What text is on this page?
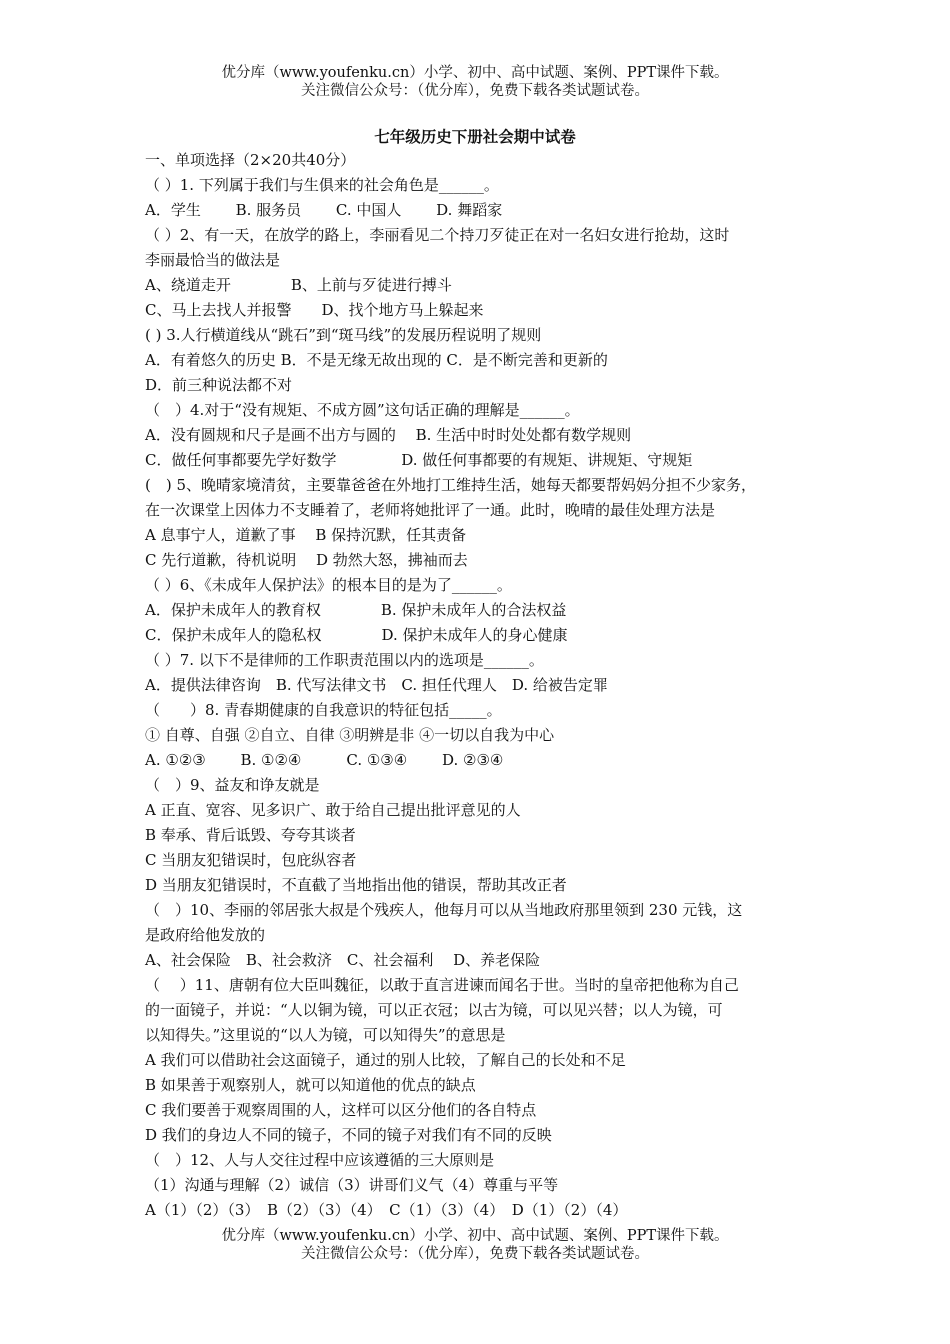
优分库（www.youfenku.cn）小学、初中、高中试题、案例、PPT课件下载。
关注微信公众号：（优分库），免费下载各类试题试卷。
七年级历史下册社会期中试卷
一、单项选择（2×20共40分）
（ ）1. 下列属于我们与生俱来的社会角色是______。
A．学生　　 B. 服务员　　 C. 中国人　　 D. 舞蹈家
（ ）2、有一天，在放学的路上，李丽看见二个持刀歹徒正在对一名妇女进行抢劫，这时
李丽最恰当的做法是
A、绕道走开　　　　B、上前与歹徒进行搏斗
C、马上去找人并报警　　D、找个地方马上躲起来
( ) 3.人行横道线从“跳石”到“斑马线”的发展历程说明了规则
A．有着悠久的历史 B．不是无缘无故出现的 C．是不断完善和更新的
D．前三种说法都不对
（　）4.对于“没有规矩、不成方圆”这句话正确的理解是______。
A．没有圆规和尺子是画不出方与圆的　 B. 生活中时时处处都有数学规则
C．做任何事都要先学好数学　　　　 D. 做任何事都要的有规矩、讲规矩、守规矩
(　) 5、晚晴家境清贫，主要靠爸爸在外地打工维持生活，她每天都要帮妈妈分担不少家务，
在一次课堂上因体力不支睡着了，老师将她批评了一通。此时，晚晴的最佳处理方法是
A 息事宁人，道歉了事　 B 保持沉默，任其责备
C 先行道歉，待机说明　 D 勃然大怒，拂袖而去
（ ）6、《未成年人保护法》的根本目的是为了______。
A．保护未成年人的教育权　　　　B. 保护未成年人的合法权益
C．保护未成年人的隐私权　　　　D. 保护未成年人的身心健康
（ ）7. 以下不是律师的工作职责范围以内的选项是______。
A．提供法律咨询　B. 代写法律文书　C. 担任代理人　D. 给被告定罪
（　　）8. 青春期健康的自我意识的特征包括_____。
① 自尊、自强 ②自立、自律 ③明辨是非 ④一切以自我为中心
A. ①②③　　 B. ①②④　　　C. ①③④　　 D. ②③④
（　）9、益友和诤友就是
A 正直、宽容、见多识广、敢于给自己提出批评意见的人
B 奉承、背后诋毁、夸夸其谈者
C 当朋友犯错误时，包庇纵容者
D 当朋友犯错误时，不直截了当地指出他的错误，帮助其改正者
（　）10、李丽的邻居张大叔是个残疾人，他每月可以从当地政府那里领到 230 元钱，这
是政府给他发放的
A、社会保险　B、社会救济　C、社会福利　 D、养老保险
（　 ）11、唐朝有位大臣叫魏征，以敢于直言进谏而闻名于世。当时的皇帝把他称为自己
的一面镜子，并说：“人以铜为镜，可以正衣冠；以古为镜，可以见兴替；以人为镜，可
以知得失。”这里说的“以人为镜，可以知得失”的意思是
A 我们可以借助社会这面镜子，通过的别人比较，了解自己的长处和不足
B 如果善于观察别人，就可以知道他的优点的缺点
C 我们要善于观察周围的人，这样可以区分他们的各自特点
D 我们的身边人不同的镜子，不同的镜子对我们有不同的反映
（　）12、人与人交往过程中应该遵循的三大原则是
（1）沟通与理解（2）诚信（3）讲哥们义气（4）尊重与平等
A（1）（2）（3）　B（2）（3）（4）　C（1）（3）（4）　D（1）（2）（4）
优分库（www.youfenku.cn）小学、初中、高中试题、案例、PPT课件下载。
关注微信公众号：（优分库），免费下载各类试题试卷。
